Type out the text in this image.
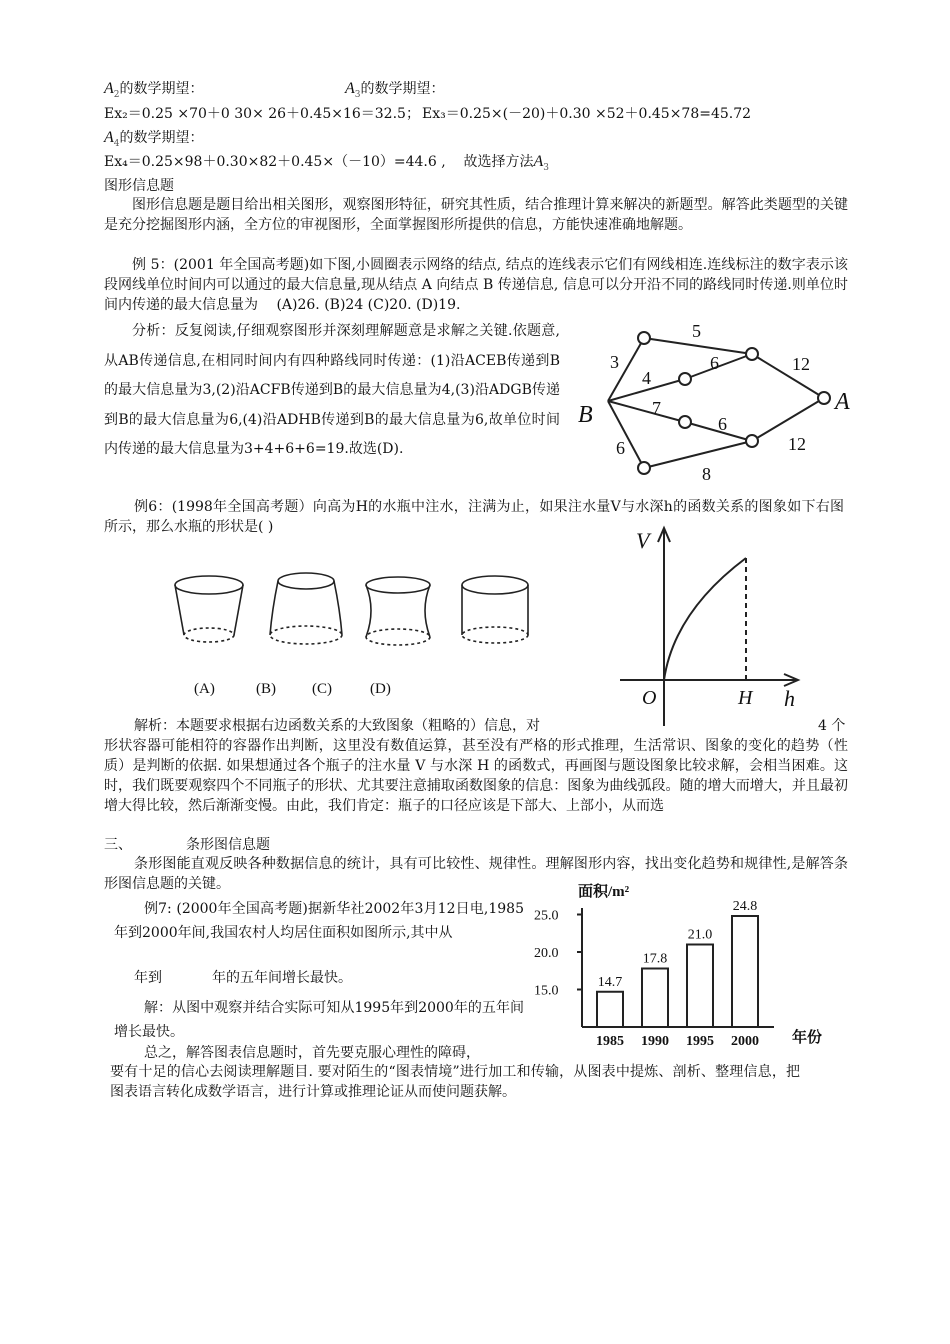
$A_2$的数学期望：	$A_3$的数学期望：
Ex₂＝0.25 ×70＋0 30× 26＋0.45×16＝32.5； Ex₃＝0.25×(－20)＋0.30 ×52＋0.45×78=45.72
$A_4$的数学期望：
Ex₄＝0.25×98＋0.30×82＋0.45×（－10）=44.6 , 故选择方法$A_3$
图形信息题
图形信息题是题目给出相关图形，观察图形特征，研究其性质，结合推理计算来解决的新题型。解答此类题型的关键是充分挖掘图形内涵，全方位的审视图形，全面掌握图形所提供的信息，方能快速准确地解题。
例 5：(2001 年全国高考题)如下图,小圆圈表示网络的结点, 结点的连线表示它们有网线相连.连线标注的数字表示该段网线单位时间内可以通过的最大信息量,现从结点 A 向结点 B 传递信息, 信息可以分开沿不同的路线同时传递.则单位时间内传递的最大信息量为 　(A)26. (B)24 (C)20. (D)19.
分析：反复阅读,仔细观察图形并深刻理解题意是求解之关键.依题意,从AB传递信息,在相同时间内有四种路线同时传递：(1)沿ACEB传递到B的最大信息量为3,(2)沿ACFB传递到B的最大信息量为4,(3)沿ADGB传递到B的最大信息量为6,(4)沿ADHB传递到B的最大信息量为6,故单位时间内传递的最大信息量为3+4+6+6=19.故选(D).
5
6	12
3
4
7
6
6	12
8
B	A
例6：(1998年全国高考题）向高为H的水瓶中注水，注满为止，如果注水量V与水深h的函数关系的图象如下右图所示，那么水瓶的形状是( )
(A)	(B) (C)	(D)
V
h
O	H
解析：本题要求根据右边函数关系的大致图象（粗略的）信息，对	4 个
形状容器可能相符的容器作出判断，这里没有数值运算，甚至没有严格的形式推理，生活常识、图象的变化的趋势（性质）是判断的依据. 如果想通过各个瓶子的注水量 V 与水深 H 的函数式，再画图与题设图象比较求解，会相当困难。这时，我们既要观察四个不同瓶子的形状、尤其要注意捕取函数图象的信息：图象为曲线弧段。随的增大而增大，并且最初增大得比较，然后渐渐变慢。由此，我们肯定：瓶子的口径应该是下部大、上部小，从而选
三、	条形图信息题
条形图能直观反映各种数据信息的统计，具有可比较性、规律性。理解图形内容，找出变化趋势和规律性,是解答条形图信息题的关键。
例7: (2000年全国高考题)据新华社2002年3月12日电,1985年到2000年间,我国农村人均居住面积如图所示,其中从
年到	年的五年间增长最快。
解：从图中观察并结合实际可知从1995年到2000年的五年间增长最快。
总之，解答图表信息题时，首先要克服心理性的障碍，
要有十足的信心去阅读理解题目. 要对陌生的“图表情境”进行加工和传输，从图表中提炼、剖析、整理信息，把图表语言转化成数学语言，进行计算或推理论证从而使问题获解。
面积/m²
年份
15.0
20.0
25.0
14.7
1985
17.8
1990
21.0
1995
24.8
2000
